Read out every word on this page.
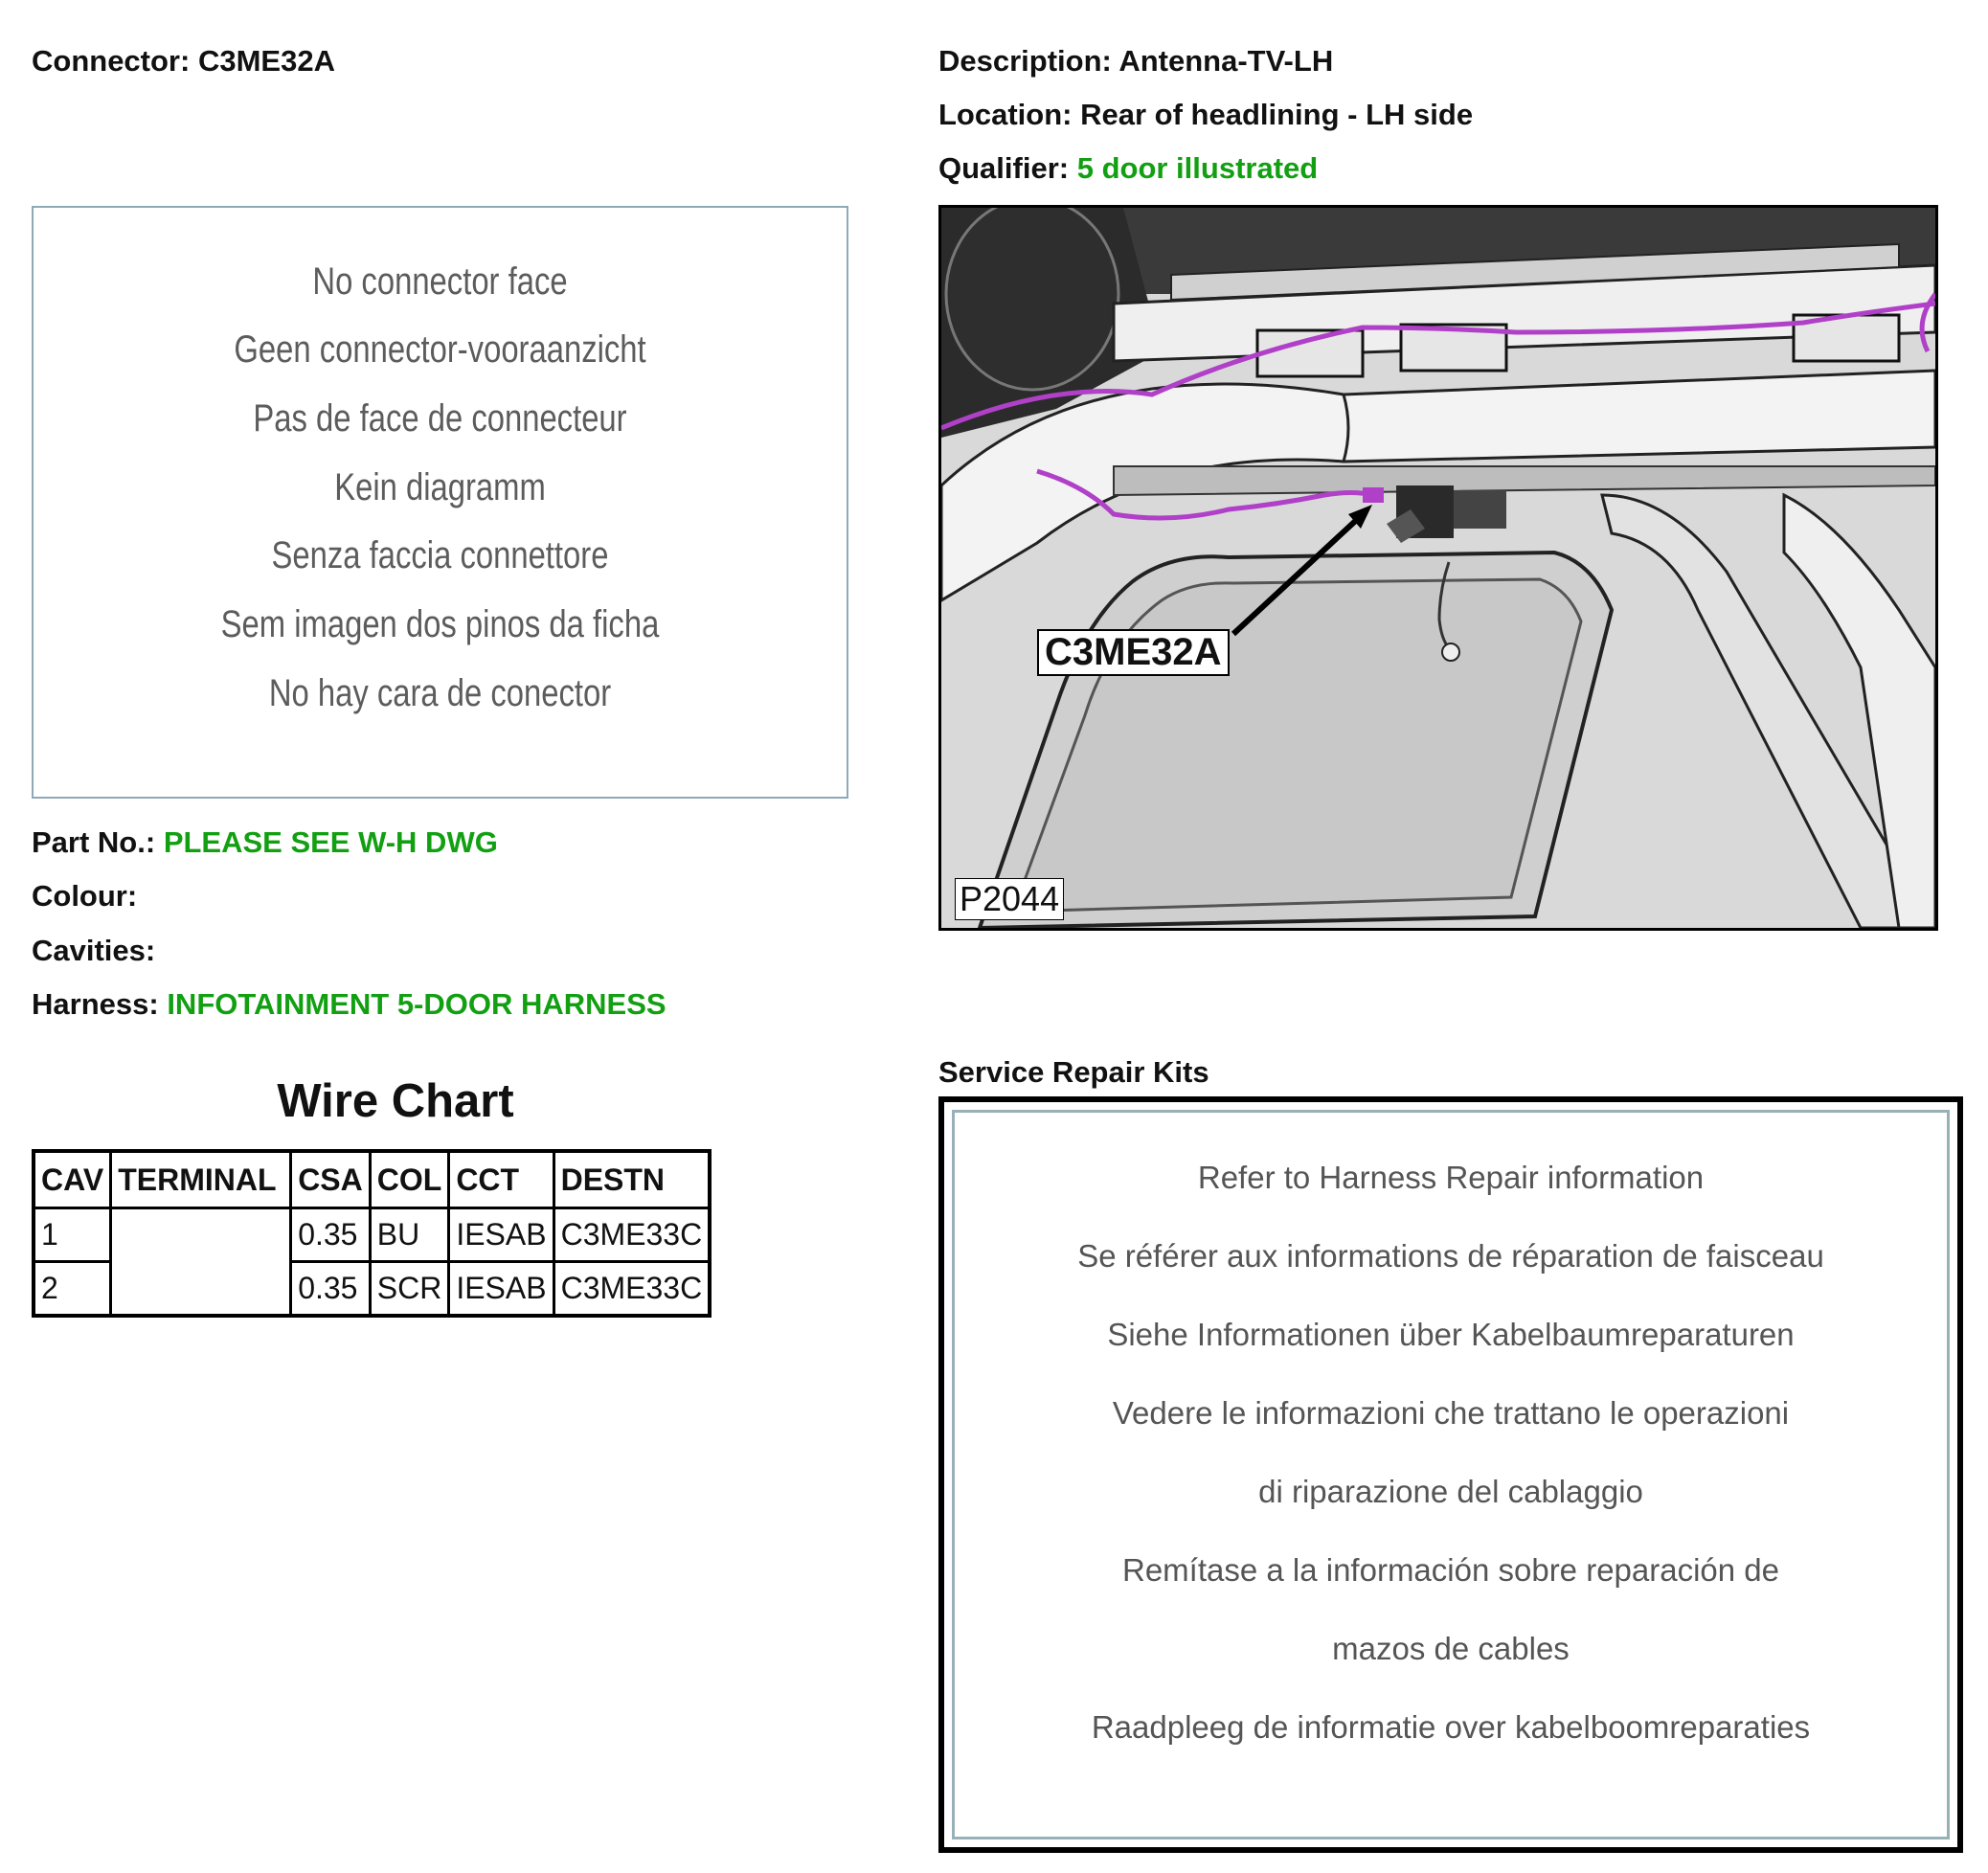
Connector: C3ME32A	Description: Antenna-TV-LH
Location: Rear of headlining - LH side
Qualifier: 5 door illustrated
No connector face
Geen connector-vooraanzicht
Pas de face de connecteur
Kein diagramm
Senza faccia connettore
Sem imagen dos pinos da ficha
No hay cara de conector
Part No.: PLEASE SEE W-H DWG
Colour:
Cavities:
Harness: INFOTAINMENT 5-DOOR HARNESS
Wire Chart
CAV	TERMINAL	CSA	COL	CCT	DESTN
1		0.35	BU	IESAB	C3ME33C
2		0.35	SCR	IESAB	C3ME33C
C3ME32A
P2044
Service Repair Kits
Refer to Harness Repair information
Se référer aux informations de réparation de faisceau
Siehe Informationen über Kabelbaumreparaturen
Vedere le informazioni che trattano le operazioni
di riparazione del cablaggio
Remítase a la información sobre reparación de
mazos de cables
Raadpleeg de informatie over kabelboomreparaties
